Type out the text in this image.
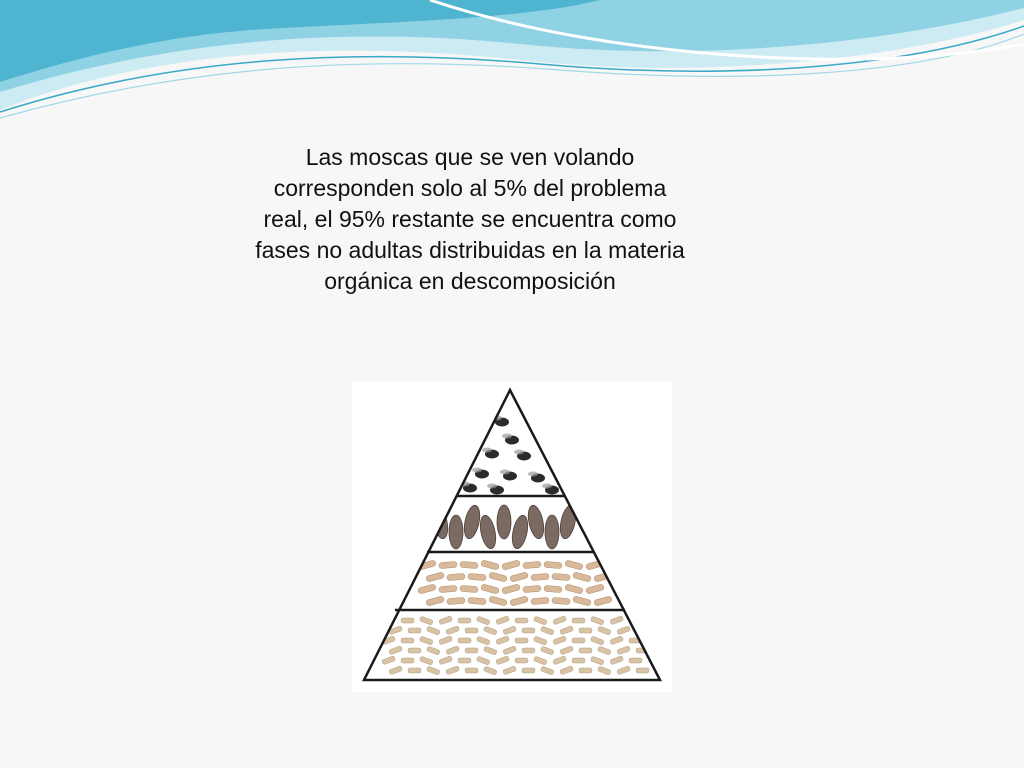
Las moscas que se ven volando
corresponden solo al 5% del problema
real, el 95% restante se encuentra como
fases no adultas distribuidas en la materia
orgánica en descomposición
